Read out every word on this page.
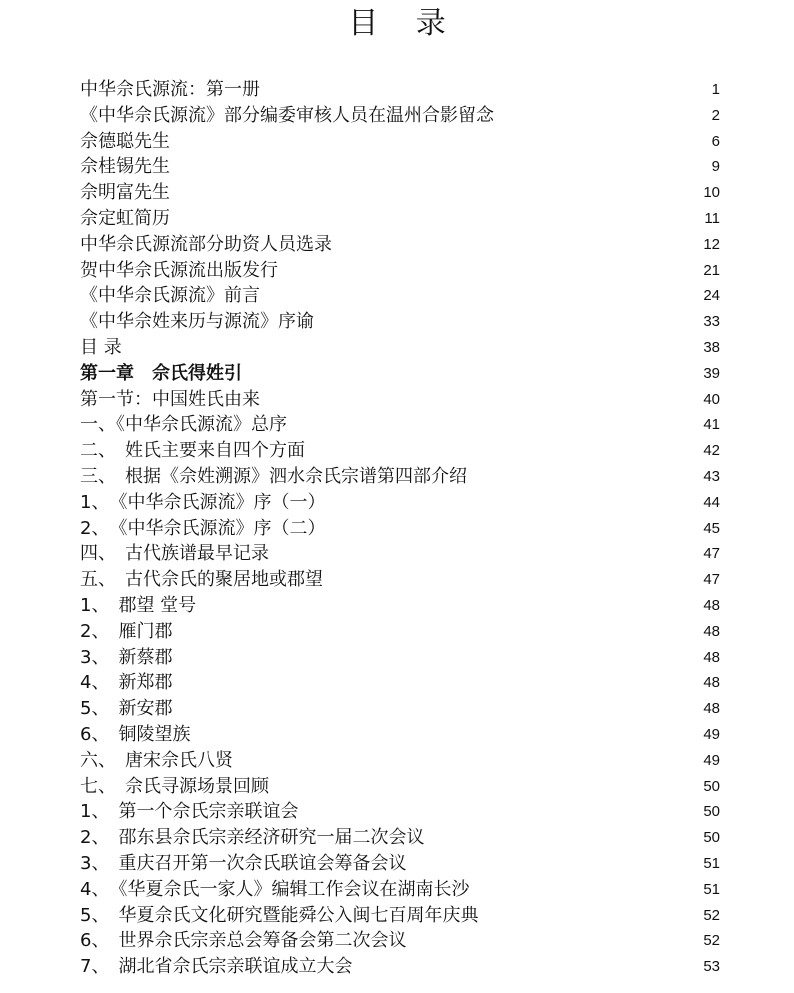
目 录
中华佘氏源流：第一册	1
《中华佘氏源流》部分编委审核人员在温州合影留念	2
佘德聪先生	6
佘桂锡先生	9
佘明富先生	10
佘定虹简历	11
中华佘氏源流部分助资人员选录	12
贺中华佘氏源流出版发行	21
《中华佘氏源流》前言	24
《中华佘姓来历与源流》序谕	33
目 录	38
第一章　佘氏得姓引	39
第一节：中国姓氏由来	40
一、《中华佘氏源流》总序	41
二、　姓氏主要来自四个方面	42
三、　根据《佘姓溯源》泗水佘氏宗谱第四部介绍	43
1、　《中华佘氏源流》序（一）	44
2、　《中华佘氏源流》序（二）	45
四、　古代族谱最早记录	47
五、　古代佘氏的聚居地或郡望	47
1、　郡望 堂号	48
2、　雁门郡	48
3、　新蔡郡	48
4、　新郑郡	48
5、　新安郡	48
6、　铜陵望族	49
六、　唐宋佘氏八贤	49
七、　佘氏寻源场景回顾	50
1、　第一个佘氏宗亲联谊会	50
2、　邵东县佘氏宗亲经济研究一届二次会议	50
3、　重庆召开第一次佘氏联谊会筹备会议	51
4、　《华夏佘氏一家人》编辑工作会议在湖南长沙	51
5、　华夏佘氏文化研究暨能舜公入闽七百周年庆典	52
6、　世界佘氏宗亲总会筹备会第二次会议	52
7、　湖北省佘氏宗亲联谊成立大会	53
